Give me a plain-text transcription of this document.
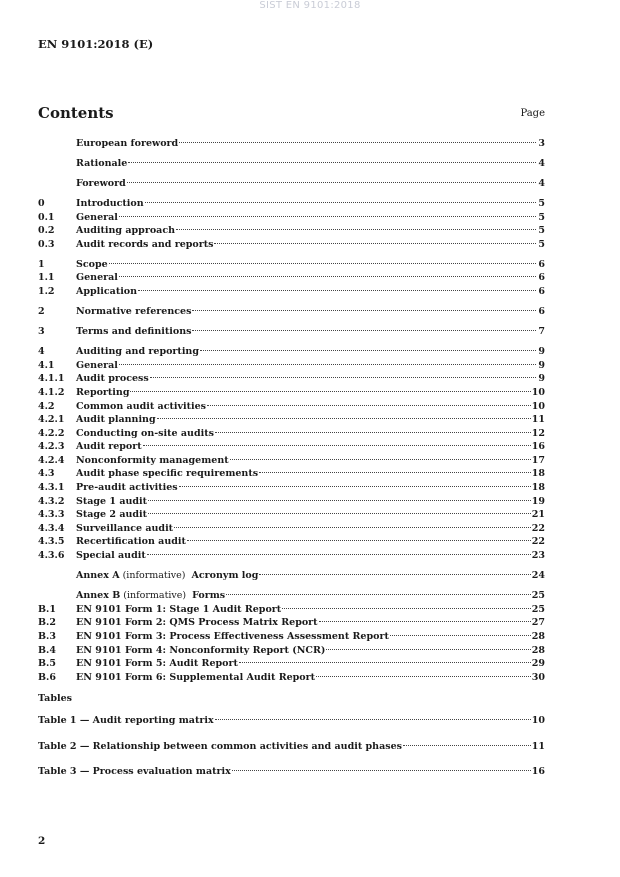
SIST EN 9101:2018
EN 9101:2018 (E)
Contents	Page
European foreword	3
Rationale	4
Foreword	4
0	Introduction	5
0.1	General	5
0.2	Auditing approach	5
0.3	Audit records and reports	5
1	Scope	6
1.1	General	6
1.2	Application	6
2	Normative references	6
3	Terms and definitions	7
4	Auditing and reporting	9
4.1	General	9
4.1.1	Audit process	9
4.1.2	Reporting	10
4.2	Common audit activities	10
4.2.1	Audit planning	11
4.2.2	Conducting on-site audits	12
4.2.3	Audit report	16
4.2.4	Nonconformity management	17
4.3	Audit phase specific requirements	18
4.3.1	Pre-audit activities	18
4.3.2	Stage 1 audit	19
4.3.3	Stage 2 audit	21
4.3.4	Surveillance audit	22
4.3.5	Recertification audit	22
4.3.6	Special audit	23
Annex A (informative)  Acronym log	24
Annex B (informative)  Forms	25
B.1	EN 9101 Form 1: Stage 1 Audit Report	25
B.2	EN 9101 Form 2: QMS Process Matrix Report	27
B.3	EN 9101 Form 3: Process Effectiveness Assessment Report	28
B.4	EN 9101 Form 4: Nonconformity Report (NCR)	28
B.5	EN 9101 Form 5: Audit Report	29
B.6	EN 9101 Form 6: Supplemental Audit Report	30
Tables
Table 1 — Audit reporting matrix	10
Table 2 — Relationship between common activities and audit phases	11
Table 3 — Process evaluation matrix	16
2
